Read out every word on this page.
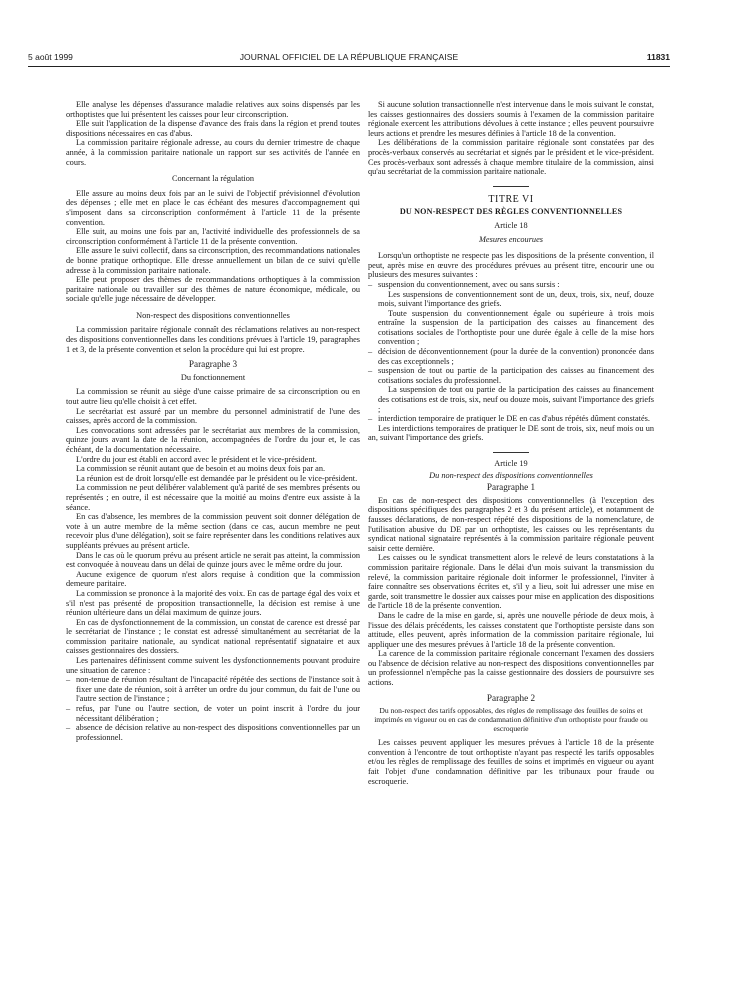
5 août 1999	JOURNAL OFFICIEL DE LA RÉPUBLIQUE FRANÇAISE	11831

Elle analyse les dépenses d'assurance maladie relatives aux soins dispensés par les orthoptistes que lui présentent les caisses pour leur circonscription.

Elle suit l'application de la dispense d'avance des frais dans la région et prend toutes dispositions nécessaires en cas d'abus.

La commission paritaire régionale adresse, au cours du dernier trimestre de chaque année, à la commission paritaire nationale un rapport sur ses activités de l'année en cours.

Concernant la régulation

Elle assure au moins deux fois par an le suivi de l'objectif prévisionnel d'évolution des dépenses ; elle met en place le cas échéant des mesures d'accompagnement qui s'imposent dans sa circonscription conformément à l'article 11 de la présente convention.

Elle suit, au moins une fois par an, l'activité individuelle des professionnels de sa circonscription conformément à l'article 11 de la présente convention.

Elle assure le suivi collectif, dans sa circonscription, des recommandations nationales de bonne pratique orthoptique. Elle dresse annuellement un bilan de ce suivi qu'elle adresse à la commission paritaire nationale.

Elle peut proposer des thèmes de recommandations orthoptiques à la commission paritaire nationale ou travailler sur des thèmes de nature économique, médicale, ou sociale qu'elle juge nécessaire de développer.

Non-respect des dispositions conventionnelles

La commission paritaire régionale connaît des réclamations relatives au non-respect des dispositions conventionnelles dans les conditions prévues à l'article 19, paragraphes 1 et 3, de la présente convention et selon la procédure qui lui est propre.

Paragraphe 3

Du fonctionnement

La commission se réunit au siège d'une caisse primaire de sa circonscription ou en tout autre lieu qu'elle choisit à cet effet.

Le secrétariat est assuré par un membre du personnel administratif de l'une des caisses, après accord de la commission.

Les convocations sont adressées par le secrétariat aux membres de la commission, quinze jours avant la date de la réunion, accompagnées de l'ordre du jour et, le cas échéant, de la documentation nécessaire.

L'ordre du jour est établi en accord avec le président et le vice-président.

La commission se réunit autant que de besoin et au moins deux fois par an.

La réunion est de droit lorsqu'elle est demandée par le président ou le vice-président.

La commission ne peut délibérer valablement qu'à parité de ses membres présents ou représentés ; en outre, il est nécessaire que la moitié au moins d'entre eux assiste à la séance.

En cas d'absence, les membres de la commission peuvent soit donner délégation de vote à un autre membre de la même section (dans ce cas, aucun membre ne peut recevoir plus d'une délégation), soit se faire représenter dans les conditions relatives aux suppléants prévues au présent article.

Dans le cas où le quorum prévu au présent article ne serait pas atteint, la commission est convoquée à nouveau dans un délai de quinze jours avec le même ordre du jour.

Aucune exigence de quorum n'est alors requise à condition que la commission demeure paritaire.

La commission se prononce à la majorité des voix. En cas de partage égal des voix et s'il n'est pas présenté de proposition transactionnelle, la décision est remise à une réunion ultérieure dans un délai maximum de quinze jours.

En cas de dysfonctionnement de la commission, un constat de carence est dressé par le secrétariat de l'instance ; le constat est adressé simultanément au secrétariat de la commission paritaire nationale, au syndicat national représentatif signataire et aux caisses gestionnaires des dossiers.

Les partenaires définissent comme suivent les dysfonctionnements pouvant produire une situation de carence :

– non-tenue de réunion résultant de l'incapacité répétée des sections de l'instance soit à fixer une date de réunion, soit à arrêter un ordre du jour commun, du fait de l'une ou l'autre section de l'instance ;

– refus, par l'une ou l'autre section, de voter un point inscrit à l'ordre du jour nécessitant délibération ;

– absence de décision relative au non-respect des dispositions conventionnelles par un professionnel.

Si aucune solution transactionnelle n'est intervenue dans le mois suivant le constat, les caisses gestionnaires des dossiers soumis à l'examen de la commission paritaire régionale exercent les attributions dévolues à cette instance ; elles peuvent poursuivre leurs actions et prendre les mesures définies à l'article 18 de la convention.

Les délibérations de la commission paritaire régionale sont constatées par des procès-verbaux conservés au secrétariat et signés par le président et le vice-président. Ces procès-verbaux sont adressés à chaque membre titulaire de la commission, ainsi qu'au secrétariat de la commission paritaire nationale.

TITRE VI

DU NON-RESPECT DES RÈGLES CONVENTIONNELLES

Article 18

Mesures encourues

Lorsqu'un orthoptiste ne respecte pas les dispositions de la présente convention, il peut, après mise en œuvre des procédures prévues au présent titre, encourir une ou plusieurs des mesures suivantes :

– suspension du conventionnement, avec ou sans sursis :

Les suspensions de conventionnement sont de un, deux, trois, six, neuf, douze mois, suivant l'importance des griefs.

Toute suspension du conventionnement égale ou supérieure à trois mois entraîne la suspension de la participation des caisses au financement des cotisations sociales de l'orthoptiste pour une durée égale à celle de la mise hors convention ;

– décision de déconventionnement (pour la durée de la convention) prononcée dans des cas exceptionnels ;

– suspension de tout ou partie de la participation des caisses au financement des cotisations sociales du professionnel.

La suspension de tout ou partie de la participation des caisses au financement des cotisations est de trois, six, neuf ou douze mois, suivant l'importance des griefs ;

– interdiction temporaire de pratiquer le DE en cas d'abus répétés dûment constatés.

Les interdictions temporaires de pratiquer le DE sont de trois, six, neuf mois ou un an, suivant l'importance des griefs.

Article 19

Du non-respect des dispositions conventionnelles

Paragraphe 1

En cas de non-respect des dispositions conventionnelles (à l'exception des dispositions spécifiques des paragraphes 2 et 3 du présent article), et notamment de fausses déclarations, de non-respect répété des dispositions de la nomenclature, de l'utilisation abusive du DE par un orthoptiste, les caisses ou les représentants du syndicat national signataire représentés à la commission paritaire régionale peuvent saisir cette dernière.

Les caisses ou le syndicat transmettent alors le relevé de leurs constatations à la commission paritaire régionale. Dans le délai d'un mois suivant la transmission du relevé, la commission paritaire régionale doit informer le professionnel, l'inviter à faire connaître ses observations écrites et, s'il y a lieu, soit lui adresser une mise en garde, soit transmettre le dossier aux caisses pour mise en application des dispositions de l'article 18 de la présente convention.

Dans le cadre de la mise en garde, si, après une nouvelle période de deux mois, à l'issue des délais précédents, les caisses constatent que l'orthoptiste persiste dans son attitude, elles peuvent, après information de la commission paritaire régionale, lui appliquer une des mesures prévues à l'article 18 de la présente convention.

La carence de la commission paritaire régionale concernant l'examen des dossiers ou l'absence de décision relative au non-respect des dispositions conventionnelles par un professionnel n'empêche pas la caisse gestionnaire des dossiers de poursuivre ses actions.

Paragraphe 2

Du non-respect des tarifs opposables, des règles de remplissage des feuilles de soins et imprimés en vigueur ou en cas de condamnation définitive d'un orthoptiste pour fraude ou escroquerie

Les caisses peuvent appliquer les mesures prévues à l'article 18 de la présente convention à l'encontre de tout orthoptiste n'ayant pas respecté les tarifs opposables et/ou les règles de remplissage des feuilles de soins et imprimés en vigueur ou ayant fait l'objet d'une condamnation définitive par les tribunaux pour fraude ou escroquerie.
